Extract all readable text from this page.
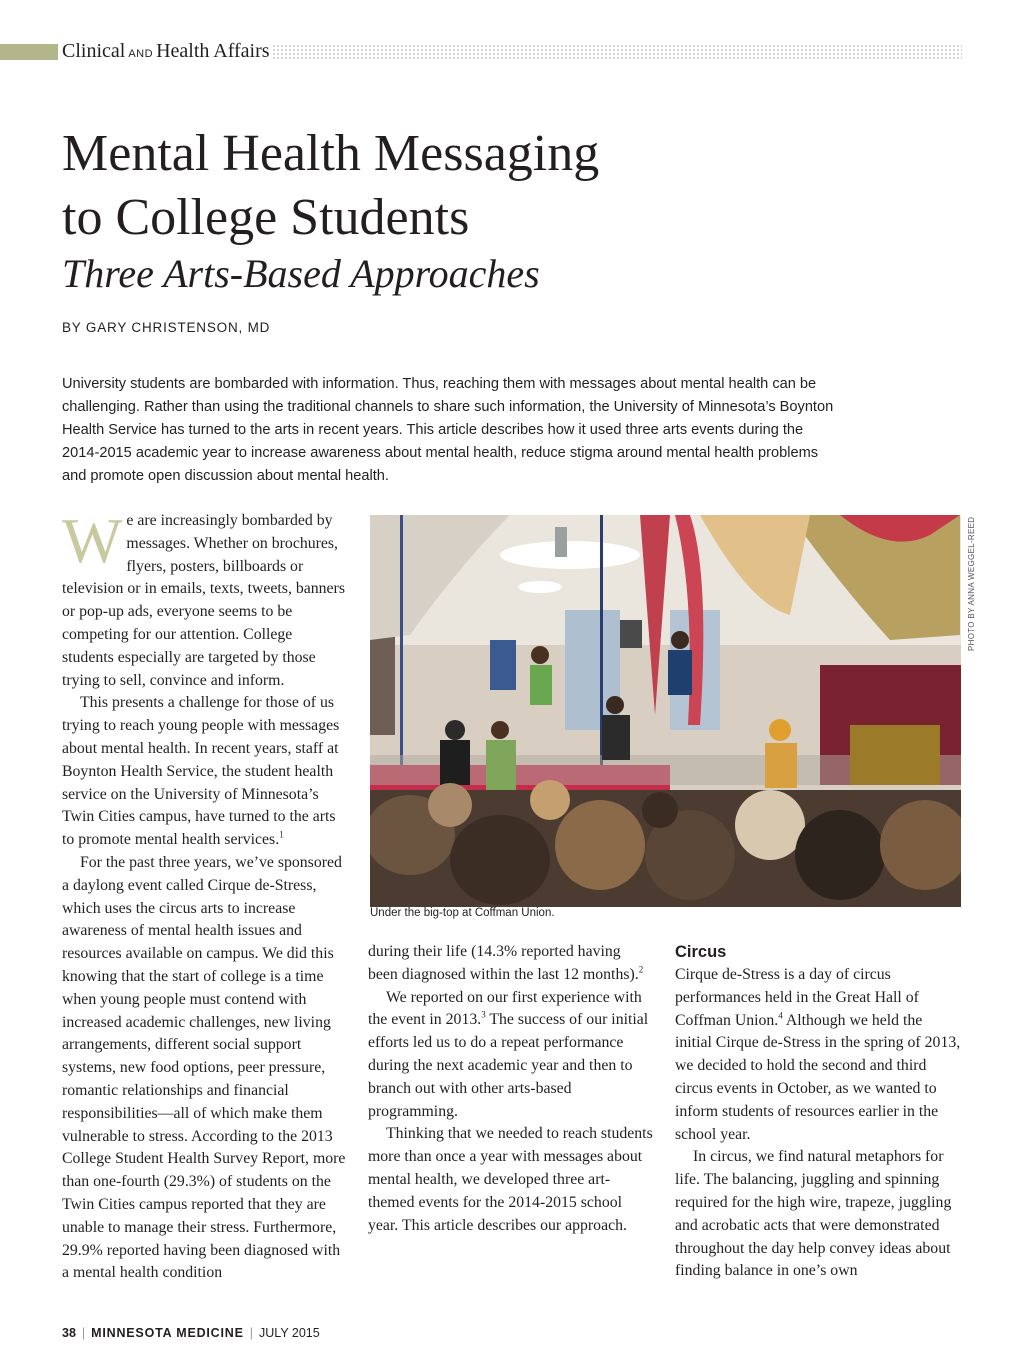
Clinical AND Health Affairs
Mental Health Messaging
to College Students
Three Arts-Based Approaches
BY GARY CHRISTENSON, MD
University students are bombarded with information. Thus, reaching them with messages about mental health can be challenging. Rather than using the traditional channels to share such information, the University of Minnesota’s Boynton Health Service has turned to the arts in recent years. This article describes how it used three arts events during the 2014-2015 academic year to increase awareness about mental health, reduce stigma around mental health problems and promote open discussion about mental health.

We are increasingly bombarded by messages. Whether on brochures, flyers, posters, billboards or television or in emails, texts, tweets, banners or pop-up ads, everyone seems to be competing for our attention. College students especially are targeted by those trying to sell, convince and inform.

This presents a challenge for those of us trying to reach young people with messages about mental health. In recent years, staff at Boynton Health Service, the student health service on the University of Minnesota’s Twin Cities campus, have turned to the arts to promote mental health services.$^1$

For the past three years, we’ve sponsored a daylong event called Cirque de-Stress, which uses the circus arts to increase awareness of mental health issues and resources available on campus. We did this knowing that the start of college is a time when young people must contend with increased academic challenges, new living arrangements, different social support systems, new food options, peer pressure, romantic relationships and financial responsibilities—all of which make them vulnerable to stress. According to the 2013 College Student Health Survey Report, more than one-fourth (29.3%) of students on the Twin Cities campus reported that they are unable to manage their stress. Furthermore, 29.9% reported having been diagnosed with a mental health condition

PHOTO BY ANNA WEGGEL-REED
Under the big-top at Coffman Union.

during their life (14.3% reported having been diagnosed within the last 12 months).$^2$

We reported on our first experience with the event in 2013.$^3$ The success of our initial efforts led us to do a repeat performance during the next academic year and then to branch out with other arts-based programming.

Thinking that we needed to reach students more than once a year with messages about mental health, we developed three art-themed events for the 2014-2015 school year. This article describes our approach.

Circus

Cirque de-Stress is a day of circus performances held in the Great Hall of Coffman Union.$^4$ Although we held the initial Cirque de-Stress in the spring of 2013, we decided to hold the second and third circus events in October, as we wanted to inform students of resources earlier in the school year.

In circus, we find natural metaphors for life. The balancing, juggling and spinning required for the high wire, trapeze, juggling and acrobatic acts that were demonstrated throughout the day help convey ideas about finding balance in one’s own

38 | MINNESOTA MEDICINE | JULY 2015
